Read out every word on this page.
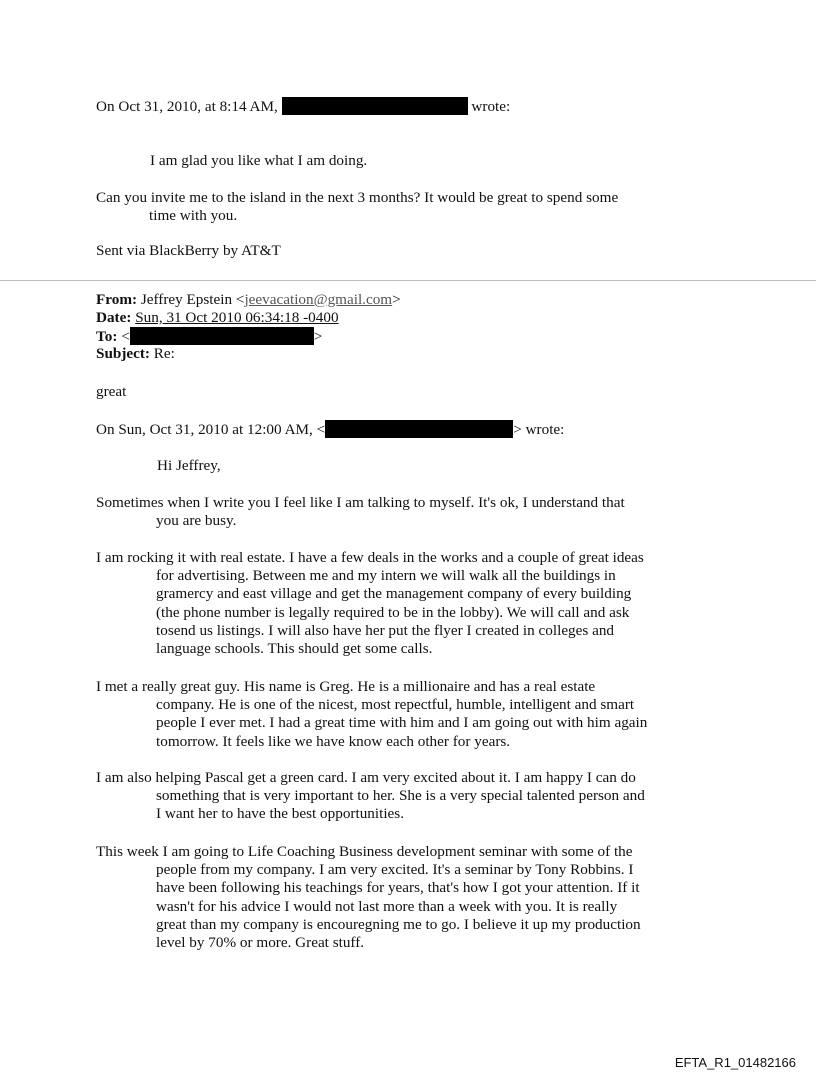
On Oct 31, 2010, at 8:14 AM,	wrote:
I am glad you like what I am doing.
Can you invite me to the island in the next 3 months? It would be great to spend some
time with you.
Sent via BlackBerry by AT&T
From: Jeffrey Epstein <jeevacation@gmail.com>
Date: Sun, 31 Oct 2010 06:34:18 -0400
To: <	>
Subject: Re:
great
On Sun, Oct 31, 2010 at 12:00 AM, <	> wrote:
Hi Jeffrey,
Sometimes when I write you I feel like I am talking to myself. It's ok, I understand that
you are busy.
I am rocking it with real estate. I have a few deals in the works and a couple of great ideas
for advertising. Between me and my intern we will walk all the buildings in
gramercy and east village and get the management company of every building
(the phone number is legally required to be in the lobby). We will call and ask
tosend us listings. I will also have her put the flyer I created in colleges and
language schools. This should get some calls.
I met a really great guy. His name is Greg. He is a millionaire and has a real estate
company. He is one of the nicest, most repectful, humble, intelligent and smart
people I ever met. I had a great time with him and I am going out with him again
tomorrow. It feels like we have know each other for years.
I am also helping Pascal get a green card. I am very excited about it. I am happy I can do
something that is very important to her. She is a very special talented person and
I want her to have the best opportunities.
This week I am going to Life Coaching Business development seminar with some of the
people from my company. I am very excited. It's a seminar by Tony Robbins. I
have been following his teachings for years, that's how I got your attention. If it
wasn't for his advice I would not last more than a week with you. It is really
great than my company is encouregning me to go. I believe it up my production
level by 70% or more. Great stuff.
EFTA_R1_01482166
